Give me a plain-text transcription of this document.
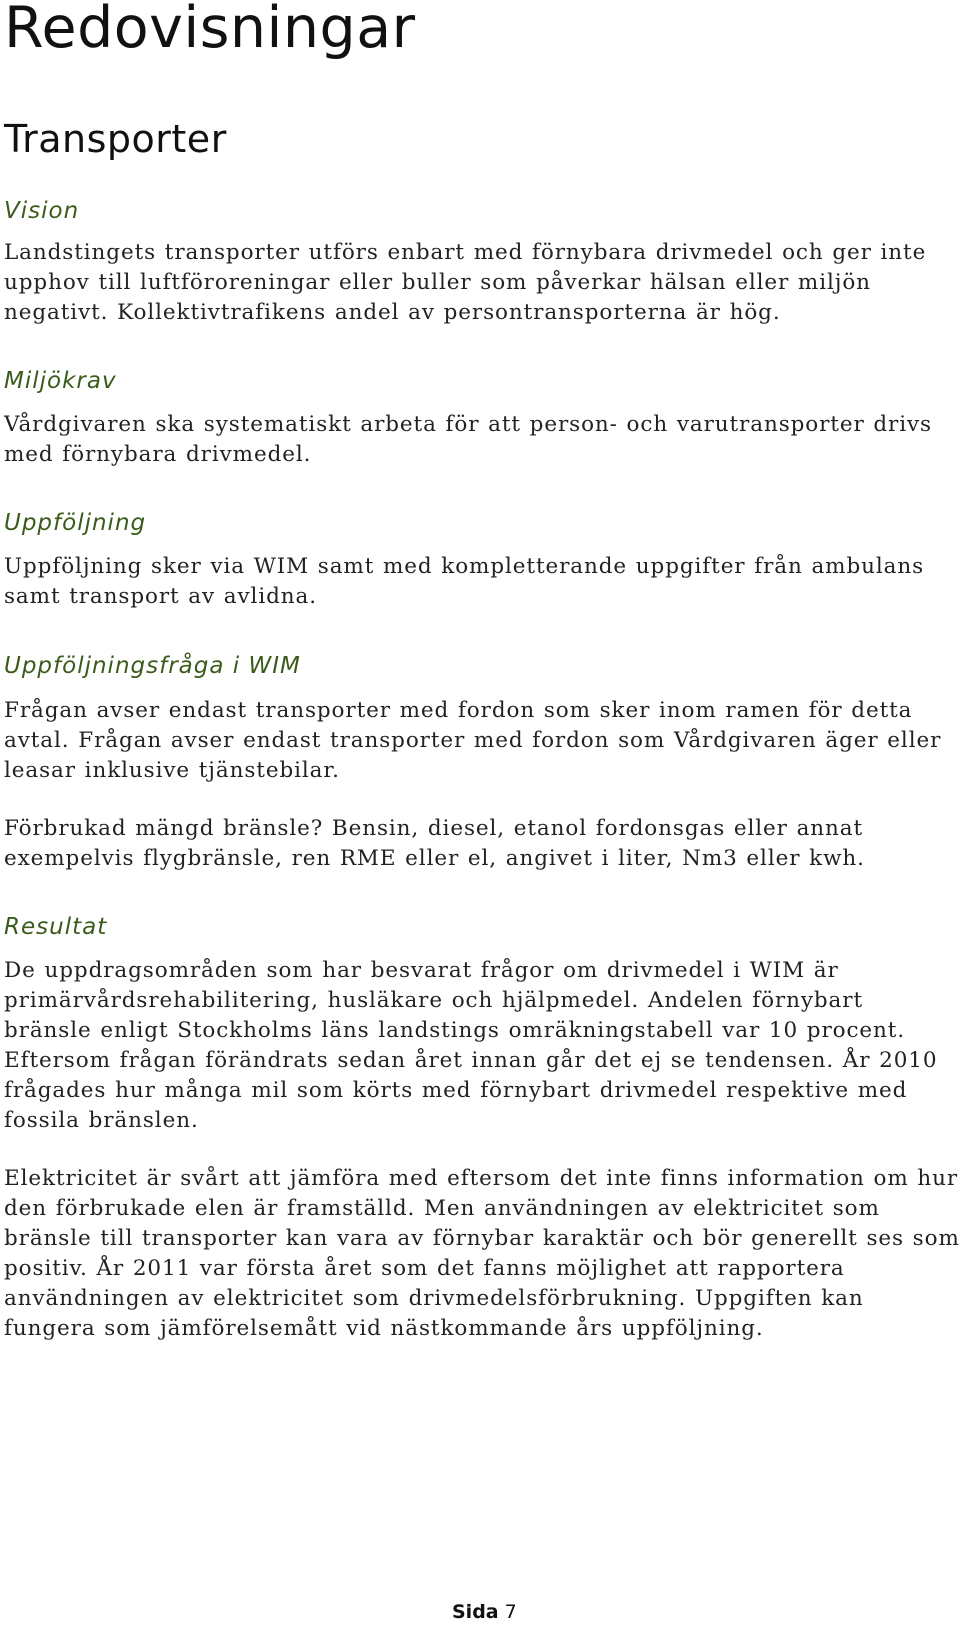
Redovisningar
Transporter
Vision
Landstingets transporter utförs enbart med förnybara drivmedel och ger inte
upphov till luftföroreningar eller buller som påverkar hälsan eller miljön
negativt. Kollektivtrafikens andel av persontransporterna är hög.
Miljökrav
Vårdgivaren ska systematiskt arbeta för att person- och varutransporter drivs
med förnybara drivmedel.
Uppföljning
Uppföljning sker via WIM samt med kompletterande uppgifter från ambulans
samt transport av avlidna.
Uppföljningsfråga i WIM
Frågan avser endast transporter med fordon som sker inom ramen för detta
avtal. Frågan avser endast transporter med fordon som Vårdgivaren äger eller
leasar inklusive tjänstebilar.
Förbrukad mängd bränsle? Bensin, diesel, etanol fordonsgas eller annat
exempelvis flygbränsle, ren RME eller el, angivet i liter, Nm3 eller kwh.
Resultat
De uppdragsområden som har besvarat frågor om drivmedel i WIM är
primärvårdsrehabilitering, husläkare och hjälpmedel. Andelen förnybart
bränsle enligt Stockholms läns landstings omräkningstabell var 10 procent.
Eftersom frågan förändrats sedan året innan går det ej se tendensen. År 2010
frågades hur många mil som körts med förnybart drivmedel respektive med
fossila bränslen.
Elektricitet är svårt att jämföra med eftersom det inte finns information om hur
den förbrukade elen är framställd. Men användningen av elektricitet som
bränsle till transporter kan vara av förnybar karaktär och bör generellt ses som
positiv. År 2011 var första året som det fanns möjlighet att rapportera
användningen av elektricitet som drivmedelsförbrukning. Uppgiften kan
fungera som jämförelsemått vid nästkommande års uppföljning.
Sida 7
